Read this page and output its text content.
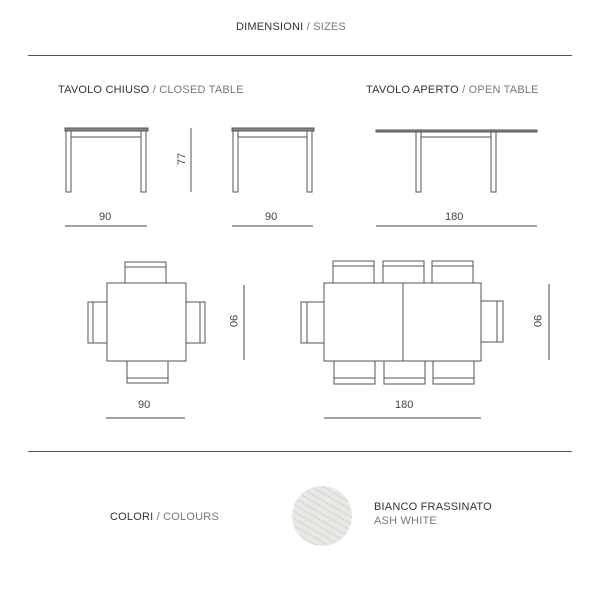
DIMENSIONI / SIZES
TAVOLO CHIUSO / CLOSED TABLE	TAVOLO APERTO / OPEN TABLE
90
77
90	180
90
90
90
180
COLORI / COLOURS
BIANCO FRASSINATO
ASH WHITE
